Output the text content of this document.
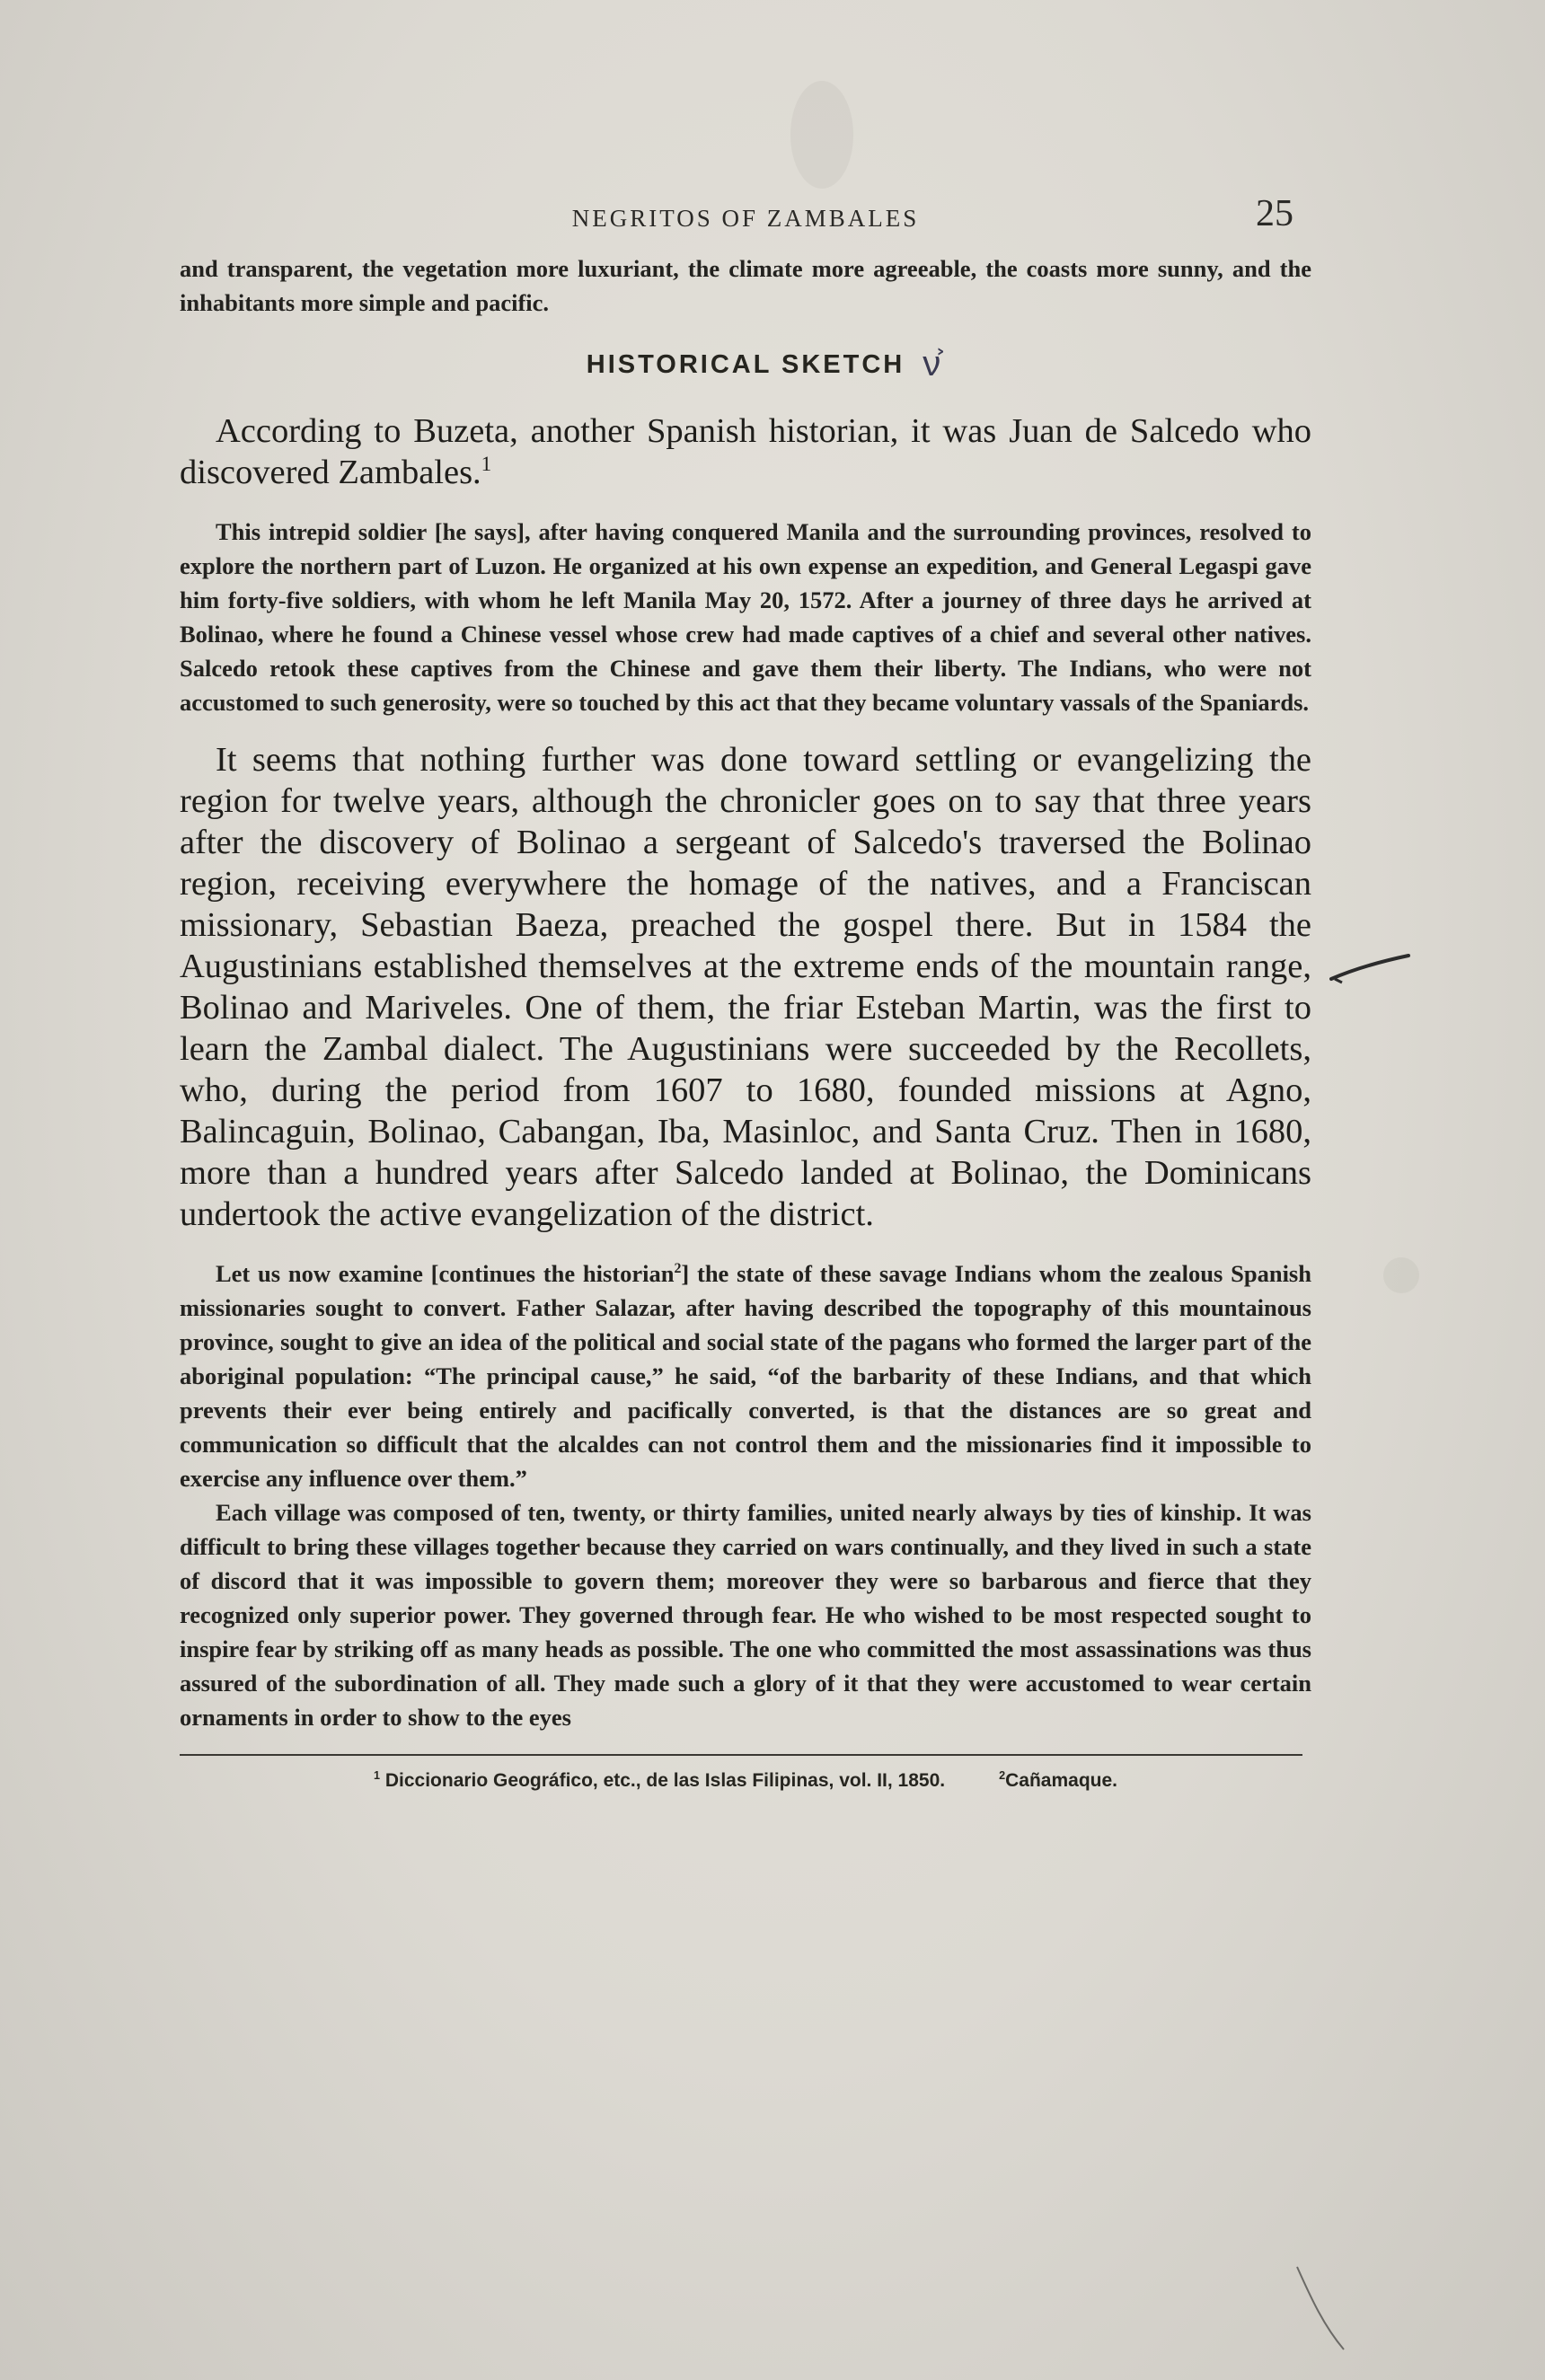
NEGRITOS OF ZAMBALES	25

and transparent, the vegetation more luxuriant, the climate more agreeable, the coasts more sunny, and the inhabitants more simple and pacific.

HISTORICAL SKETCH ν͐

According to Buzeta, another Spanish historian, it was Juan de Salcedo who discovered Zambales.$^1$

This intrepid soldier [he says], after having conquered Manila and the surrounding provinces, resolved to explore the northern part of Luzon. He organized at his own expense an expedition, and General Legaspi gave him forty-five soldiers, with whom he left Manila May 20, 1572. After a journey of three days he arrived at Bolinao, where he found a Chinese vessel whose crew had made captives of a chief and several other natives. Salcedo retook these captives from the Chinese and gave them their liberty. The Indians, who were not accustomed to such generosity, were so touched by this act that they became voluntary vassals of the Spaniards.

It seems that nothing further was done toward settling or evangelizing the region for twelve years, although the chronicler goes on to say that three years after the discovery of Bolinao a sergeant of Salcedo's traversed the Bolinao region, receiving everywhere the homage of the natives, and a Franciscan missionary, Sebastian Baeza, preached the gospel there. But in 1584 the Augustinians established themselves at the extreme ends of the mountain range, Bolinao and Mariveles. One of them, the friar Esteban Martin, was the first to learn the Zambal dialect. The Augustinians were succeeded by the Recollets, who, during the period from 1607 to 1680, founded missions at Agno, Balincaguin, Bolinao, Cabangan, Iba, Masinloc, and Santa Cruz. Then in 1680, more than a hundred years after Salcedo landed at Bolinao, the Dominicans undertook the active evangelization of the district.

Let us now examine [continues the historian$^2$] the state of these savage Indians whom the zealous Spanish missionaries sought to convert. Father Salazar, after having described the topography of this mountainous province, sought to give an idea of the political and social state of the pagans who formed the larger part of the aboriginal population: “The principal cause,” he said, “of the barbarity of these Indians, and that which prevents their ever being entirely and pacifically converted, is that the distances are so great and communication so difficult that the alcaldes can not control them and the missionaries find it impossible to exercise any influence over them.”

Each village was composed of ten, twenty, or thirty families, united nearly always by ties of kinship. It was difficult to bring these villages together because they carried on wars continually, and they lived in such a state of discord that it was impossible to govern them; moreover they were so barbarous and fierce that they recognized only superior power. They governed through fear. He who wished to be most respected sought to inspire fear by striking off as many heads as possible. The one who committed the most assassinations was thus assured of the subordination of all. They made such a glory of it that they were accustomed to wear certain ornaments in order to show to the eyes

$^1$ Diccionario Geográfico, etc., de las Islas Filipinas, vol. II, 1850.	$^2$Cañamaque.
